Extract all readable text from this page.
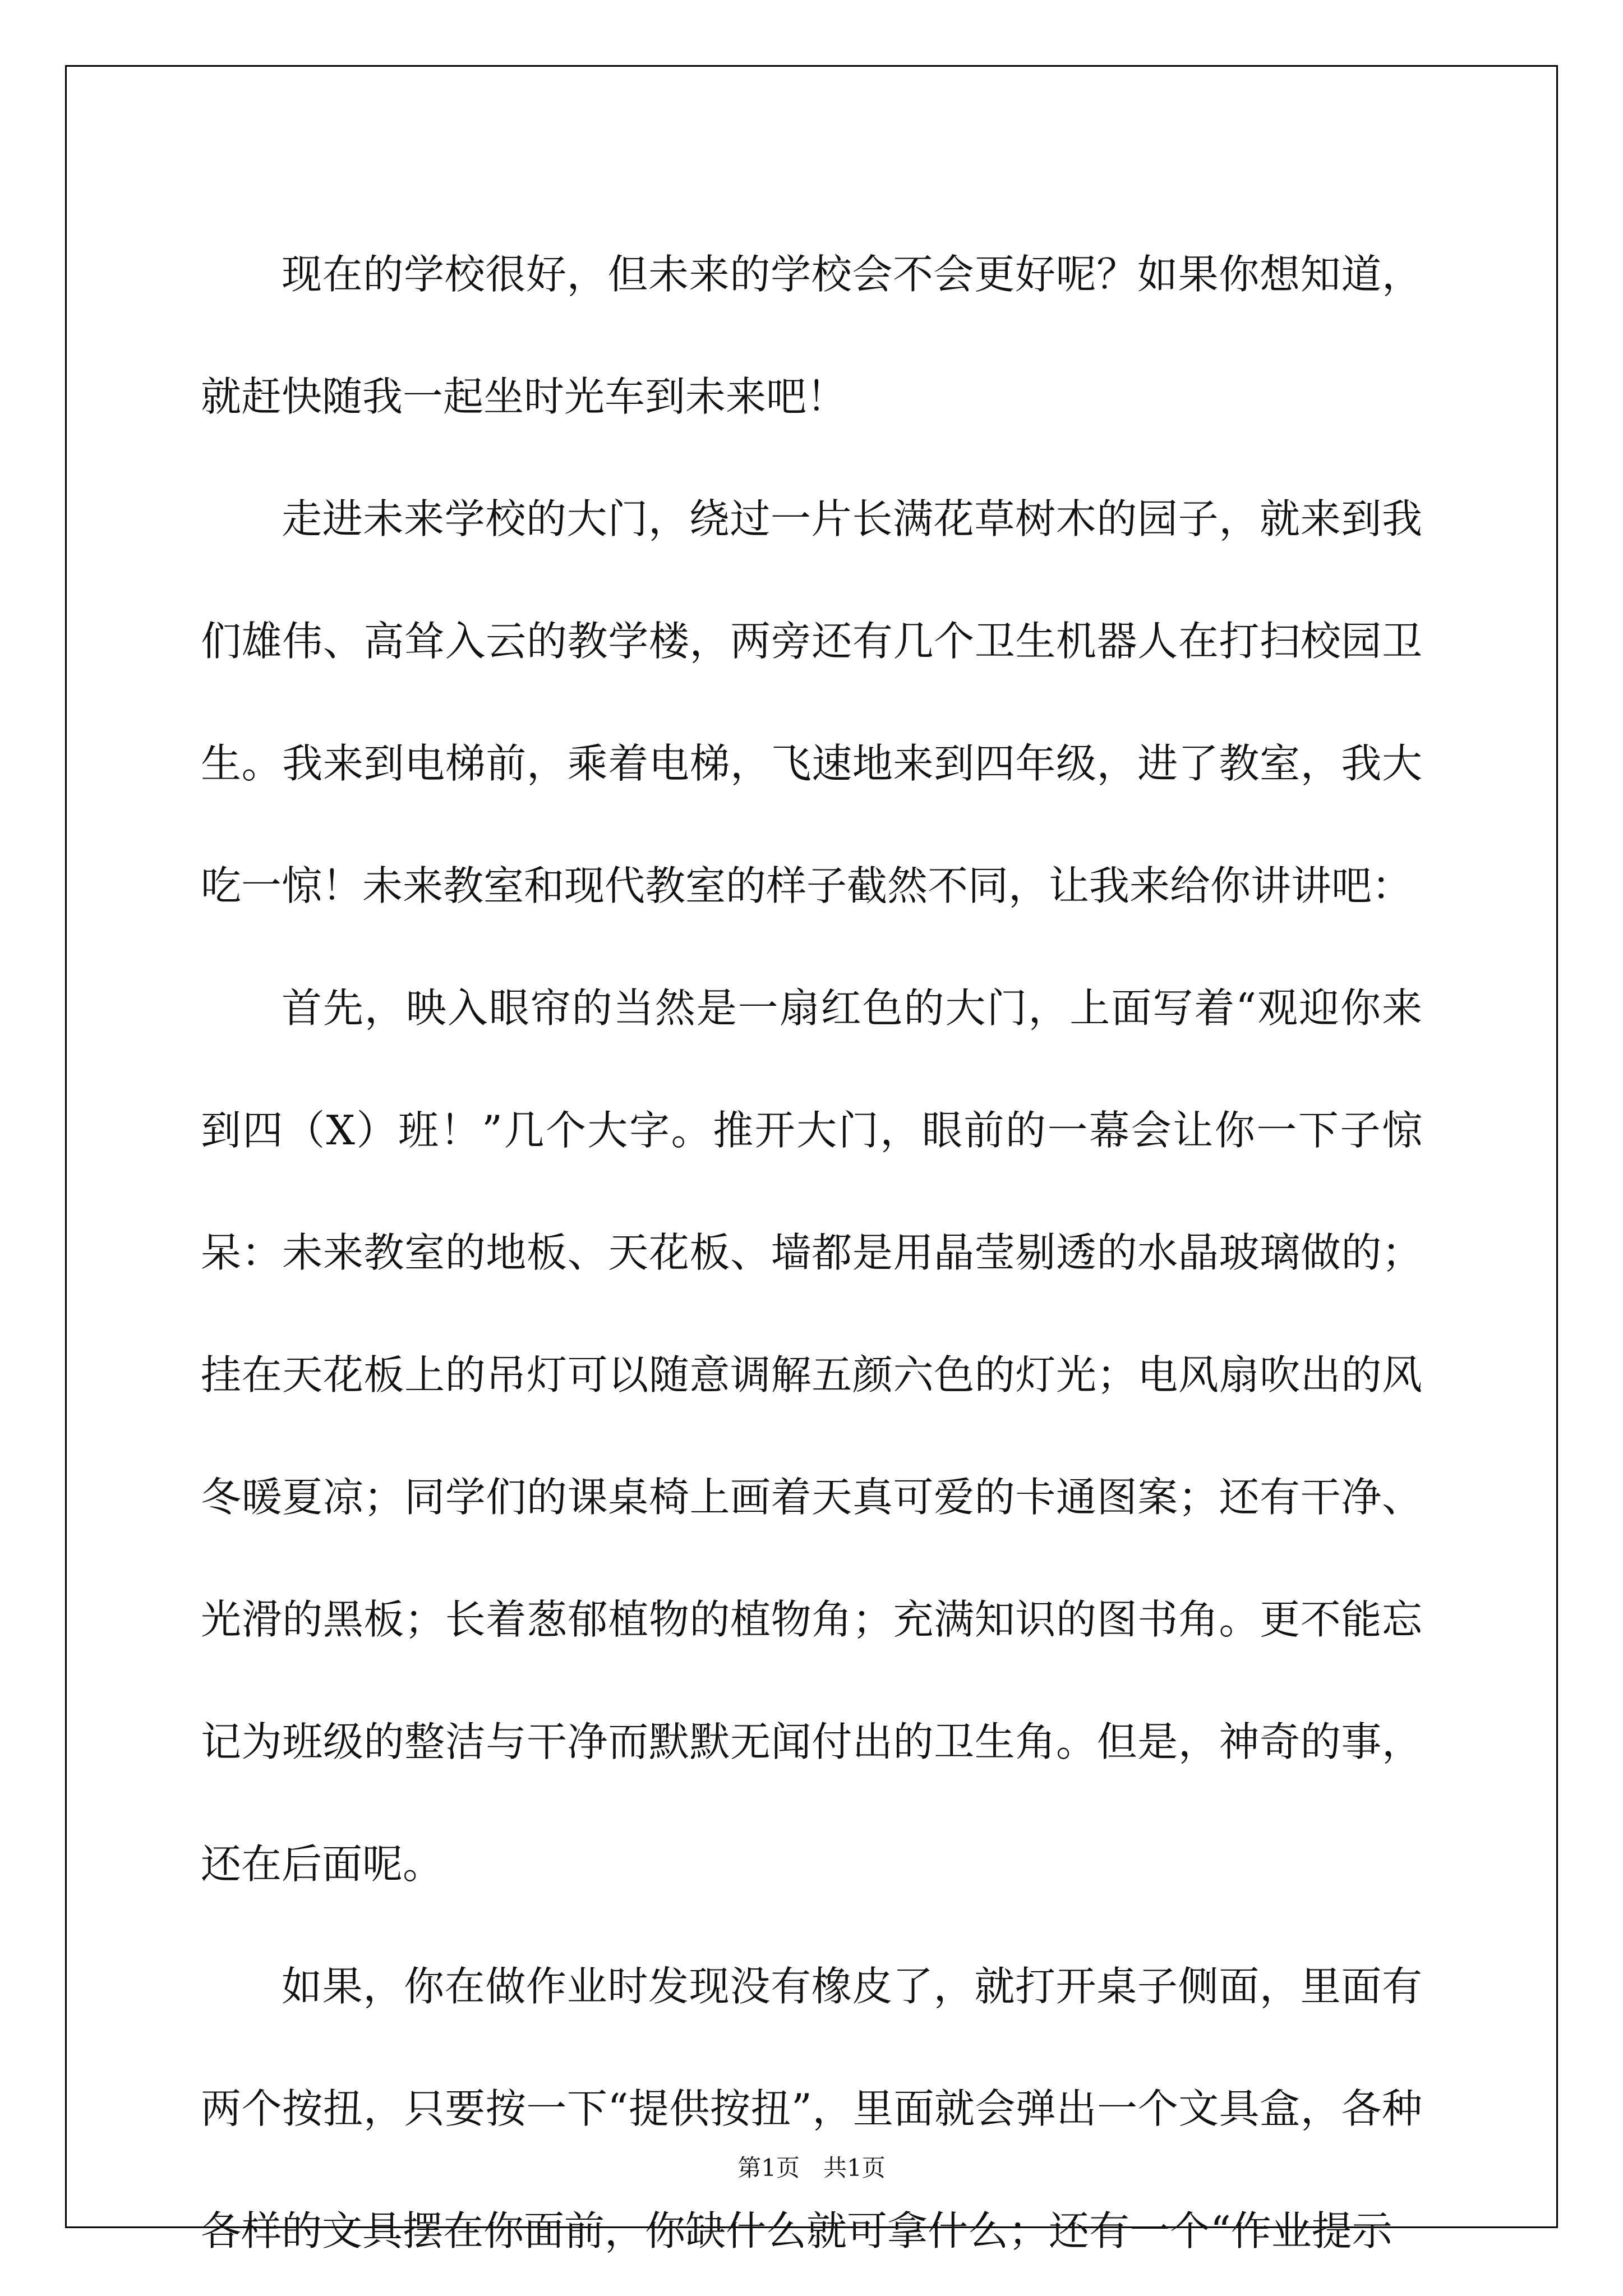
现在的学校很好，但未来的学校会不会更好呢？如果你想知道，就赶快随我一起坐时光车到未来吧！

走进未来学校的大门，绕过一片长满花草树木的园子，就来到我们雄伟、高耸入云的教学楼，两旁还有几个卫生机器人在打扫校园卫生。我来到电梯前，乘着电梯，飞速地来到四年级，进了教室，我大吃一惊！未来教室和现代教室的样子截然不同，让我来给你讲讲吧：

首先，映入眼帘的当然是一扇红色的大门，上面写着“观迎你来到四（X）班！”几个大字。推开大门，眼前的一幕会让你一下子惊呆：未来教室的地板、天花板、墙都是用晶莹剔透的水晶玻璃做的；挂在天花板上的吊灯可以随意调解五颜六色的灯光；电风扇吹出的风冬暖夏凉；同学们的课桌椅上画着天真可爱的卡通图案；还有干净、光滑的黑板；长着葱郁植物的植物角；充满知识的图书角。更不能忘记为班级的整洁与干净而默默无闻付出的卫生角。但是，神奇的事，还在后面呢。

如果，你在做作业时发现没有橡皮了，就打开桌子侧面，里面有两个按扭，只要按一下“提供按扭”，里面就会弹出一个文具盒，各种各样的文具摆在你面前，你缺什么就可拿什么；还有一个“作业提示

第1页　共1页
